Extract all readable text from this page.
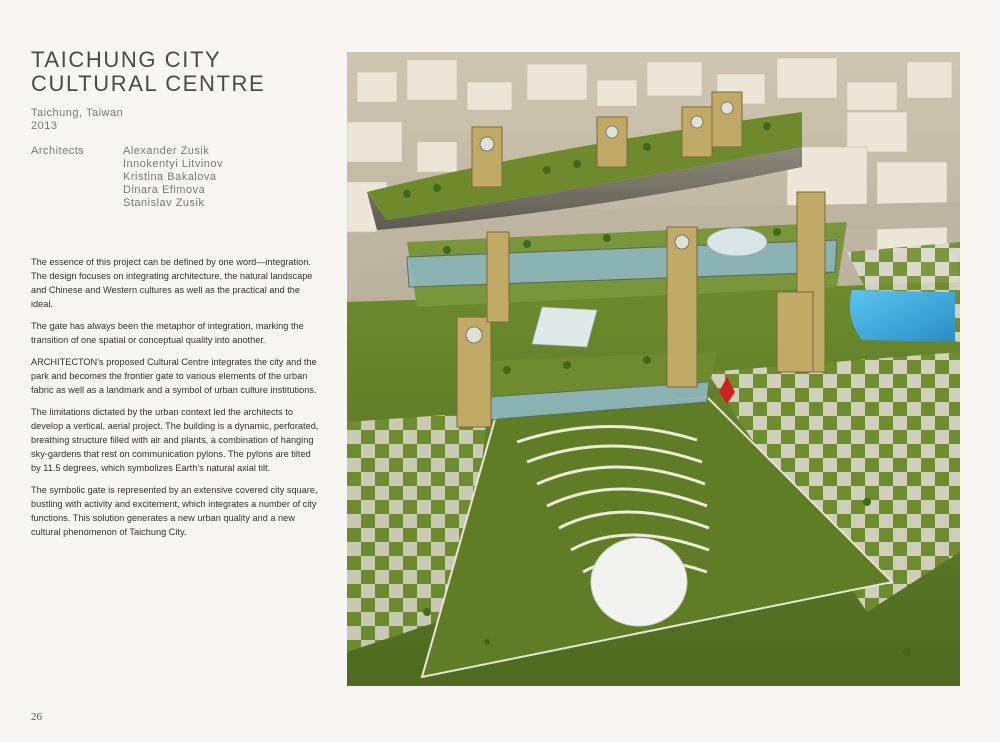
TAICHUNG CITY
CULTURAL CENTRE
Taichung, Taiwan
2013
Architects	Alexander Zusik
Innokentyi Litvinov
Kristina Bakalova
Dinara Efimova
Stanislav Zusik

The essence of this project can be defined by one word—integration. The design focuses on integrating architecture, the natural landscape and Chinese and Western cultures as well as the practical and the ideal.

The gate has always been the metaphor of integration, marking the transition of one spatial or conceptual quality into another.

ARCHITECTON’s proposed Cultural Centre integrates the city and the park and becomes the frontier gate to various elements of the urban fabric as well as a landmark and a symbol of urban culture institutions.

The limitations dictated by the urban context led the architects to develop a vertical, aerial project. The building is a dynamic, perforated, breathing structure filled with air and plants, a combination of hanging sky-gardens that rest on communication pylons. The pylons are tilted by 11.5 degrees, which symbolizes Earth’s natural axial tilt.

The symbolic gate is represented by an extensive covered city square, bustling with activity and excitement, which integrates a number of city functions. This solution generates a new urban quality and a new cultural phenomenon of Taichung City.

26
